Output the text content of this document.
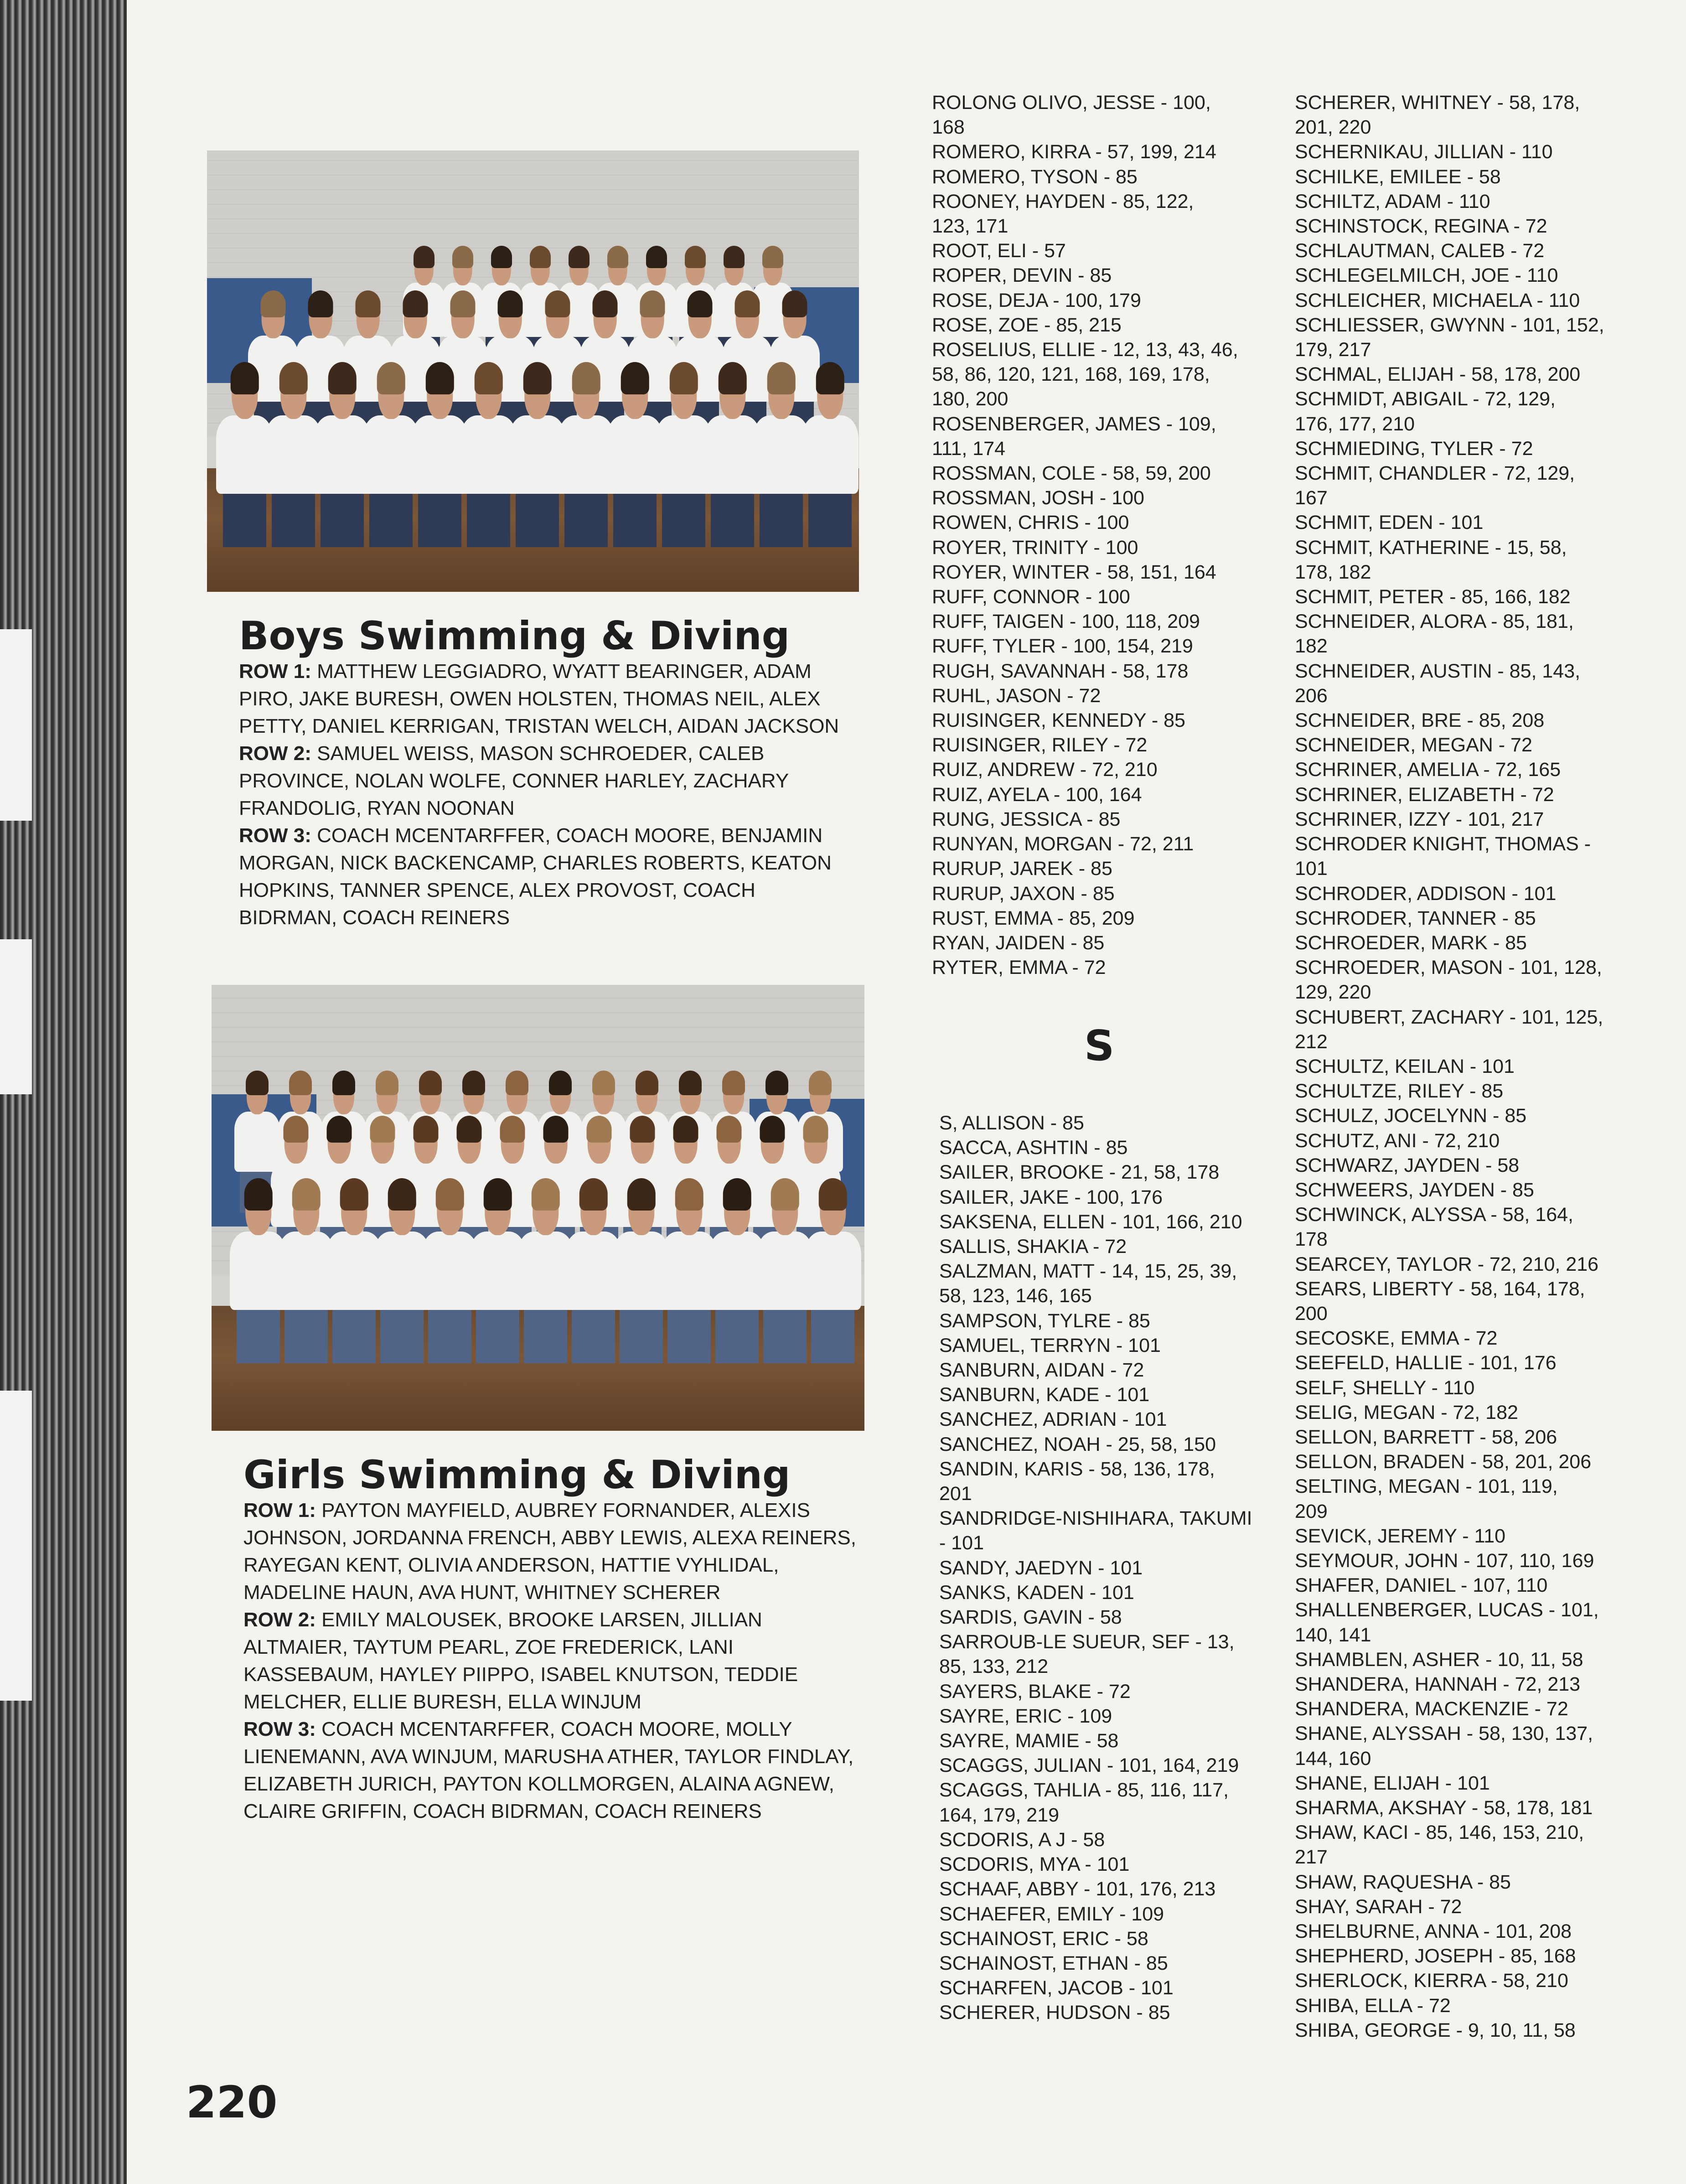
Boys Swimming & Diving
ROW 1: MATTHEW LEGGIADRO, WYATT BEARINGER, ADAM PIRO, JAKE BURESH, OWEN HOLSTEN, THOMAS NEIL, ALEX PETTY, DANIEL KERRIGAN, TRISTAN WELCH, AIDAN JACKSON
ROW 2: SAMUEL WEISS, MASON SCHROEDER, CALEB PROVINCE, NOLAN WOLFE, CONNER HARLEY, ZACHARY FRANDOLIG, RYAN NOONAN
ROW 3: COACH MCENTARFFER, COACH MOORE, BENJAMIN MORGAN, NICK BACKENCAMP, CHARLES ROBERTS, KEATON HOPKINS, TANNER SPENCE, ALEX PROVOST, COACH BIDRMAN, COACH REINERS
Girls Swimming & Diving
ROW 1: PAYTON MAYFIELD, AUBREY FORNANDER, ALEXIS JOHNSON, JORDANNA FRENCH, ABBY LEWIS, ALEXA REINERS, RAYEGAN KENT, OLIVIA ANDERSON, HATTIE VYHLIDAL, MADELINE HAUN, AVA HUNT, WHITNEY SCHERER
ROW 2: EMILY MALOUSEK, BROOKE LARSEN, JILLIAN ALTMAIER, TAYTUM PEARL, ZOE FREDERICK, LANI KASSEBAUM, HAYLEY PIIPPO, ISABEL KNUTSON, TEDDIE MELCHER, ELLIE BURESH, ELLA WINJUM
ROW 3: COACH MCENTARFFER, COACH MOORE, MOLLY LIENEMANN, AVA WINJUM, MARUSHA ATHER, TAYLOR FINDLAY, ELIZABETH JURICH, PAYTON KOLLMORGEN, ALAINA AGNEW, CLAIRE GRIFFIN, COACH BIDRMAN, COACH REINERS
ROLONG OLIVO, JESSE - 100,
168
ROMERO, KIRRA - 57, 199, 214
ROMERO, TYSON - 85
ROONEY, HAYDEN - 85, 122,
123, 171
ROOT, ELI - 57
ROPER, DEVIN - 85
ROSE, DEJA - 100, 179
ROSE, ZOE - 85, 215
ROSELIUS, ELLIE - 12, 13, 43, 46,
58, 86, 120, 121, 168, 169, 178,
180, 200
ROSENBERGER, JAMES - 109,
111, 174
ROSSMAN, COLE - 58, 59, 200
ROSSMAN, JOSH - 100
ROWEN, CHRIS - 100
ROYER, TRINITY - 100
ROYER, WINTER - 58, 151, 164
RUFF, CONNOR - 100
RUFF, TAIGEN - 100, 118, 209
RUFF, TYLER - 100, 154, 219
RUGH, SAVANNAH - 58, 178
RUHL, JASON - 72
RUISINGER, KENNEDY - 85
RUISINGER, RILEY - 72
RUIZ, ANDREW - 72, 210
RUIZ, AYELA - 100, 164
RUNG, JESSICA - 85
RUNYAN, MORGAN - 72, 211
RURUP, JAREK - 85
RURUP, JAXON - 85
RUST, EMMA - 85, 209
RYAN, JAIDEN - 85
RYTER, EMMA - 72
S
S, ALLISON - 85
SACCA, ASHTIN - 85
SAILER, BROOKE - 21, 58, 178
SAILER, JAKE - 100, 176
SAKSENA, ELLEN - 101, 166, 210
SALLIS, SHAKIA - 72
SALZMAN, MATT - 14, 15, 25, 39,
58, 123, 146, 165
SAMPSON, TYLRE - 85
SAMUEL, TERRYN - 101
SANBURN, AIDAN - 72
SANBURN, KADE - 101
SANCHEZ, ADRIAN - 101
SANCHEZ, NOAH - 25, 58, 150
SANDIN, KARIS - 58, 136, 178,
201
SANDRIDGE-NISHIHARA, TAKUMI
- 101
SANDY, JAEDYN - 101
SANKS, KADEN - 101
SARDIS, GAVIN - 58
SARROUB-LE SUEUR, SEF - 13,
85, 133, 212
SAYERS, BLAKE - 72
SAYRE, ERIC - 109
SAYRE, MAMIE - 58
SCAGGS, JULIAN - 101, 164, 219
SCAGGS, TAHLIA - 85, 116, 117,
164, 179, 219
SCDORIS, A J - 58
SCDORIS, MYA - 101
SCHAAF, ABBY - 101, 176, 213
SCHAEFER, EMILY - 109
SCHAINOST, ERIC - 58
SCHAINOST, ETHAN - 85
SCHARFEN, JACOB - 101
SCHERER, HUDSON - 85
SCHERER, WHITNEY - 58, 178,
201, 220
SCHERNIKAU, JILLIAN - 110
SCHILKE, EMILEE - 58
SCHILTZ, ADAM - 110
SCHINSTOCK, REGINA - 72
SCHLAUTMAN, CALEB - 72
SCHLEGELMILCH, JOE - 110
SCHLEICHER, MICHAELA - 110
SCHLIESSER, GWYNN - 101, 152,
179, 217
SCHMAL, ELIJAH - 58, 178, 200
SCHMIDT, ABIGAIL - 72, 129,
176, 177, 210
SCHMIEDING, TYLER - 72
SCHMIT, CHANDLER - 72, 129,
167
SCHMIT, EDEN - 101
SCHMIT, KATHERINE - 15, 58,
178, 182
SCHMIT, PETER - 85, 166, 182
SCHNEIDER, ALORA - 85, 181,
182
SCHNEIDER, AUSTIN - 85, 143,
206
SCHNEIDER, BRE - 85, 208
SCHNEIDER, MEGAN - 72
SCHRINER, AMELIA - 72, 165
SCHRINER, ELIZABETH - 72
SCHRINER, IZZY - 101, 217
SCHRODER KNIGHT, THOMAS -
101
SCHRODER, ADDISON - 101
SCHRODER, TANNER - 85
SCHROEDER, MARK - 85
SCHROEDER, MASON - 101, 128,
129, 220
SCHUBERT, ZACHARY - 101, 125,
212
SCHULTZ, KEILAN - 101
SCHULTZE, RILEY - 85
SCHULZ, JOCELYNN - 85
SCHUTZ, ANI - 72, 210
SCHWARZ, JAYDEN - 58
SCHWEERS, JAYDEN - 85
SCHWINCK, ALYSSA - 58, 164,
178
SEARCEY, TAYLOR - 72, 210, 216
SEARS, LIBERTY - 58, 164, 178,
200
SECOSKE, EMMA - 72
SEEFELD, HALLIE - 101, 176
SELF, SHELLY - 110
SELIG, MEGAN - 72, 182
SELLON, BARRETT - 58, 206
SELLON, BRADEN - 58, 201, 206
SELTING, MEGAN - 101, 119,
209
SEVICK, JEREMY - 110
SEYMOUR, JOHN - 107, 110, 169
SHAFER, DANIEL - 107, 110
SHALLENBERGER, LUCAS - 101,
140, 141
SHAMBLEN, ASHER - 10, 11, 58
SHANDERA, HANNAH - 72, 213
SHANDERA, MACKENZIE - 72
SHANE, ALYSSAH - 58, 130, 137,
144, 160
SHANE, ELIJAH - 101
SHARMA, AKSHAY - 58, 178, 181
SHAW, KACI - 85, 146, 153, 210,
217
SHAW, RAQUESHA - 85
SHAY, SARAH - 72
SHELBURNE, ANNA - 101, 208
SHEPHERD, JOSEPH - 85, 168
SHERLOCK, KIERRA - 58, 210
SHIBA, ELLA - 72
SHIBA, GEORGE - 9, 10, 11, 58
220
